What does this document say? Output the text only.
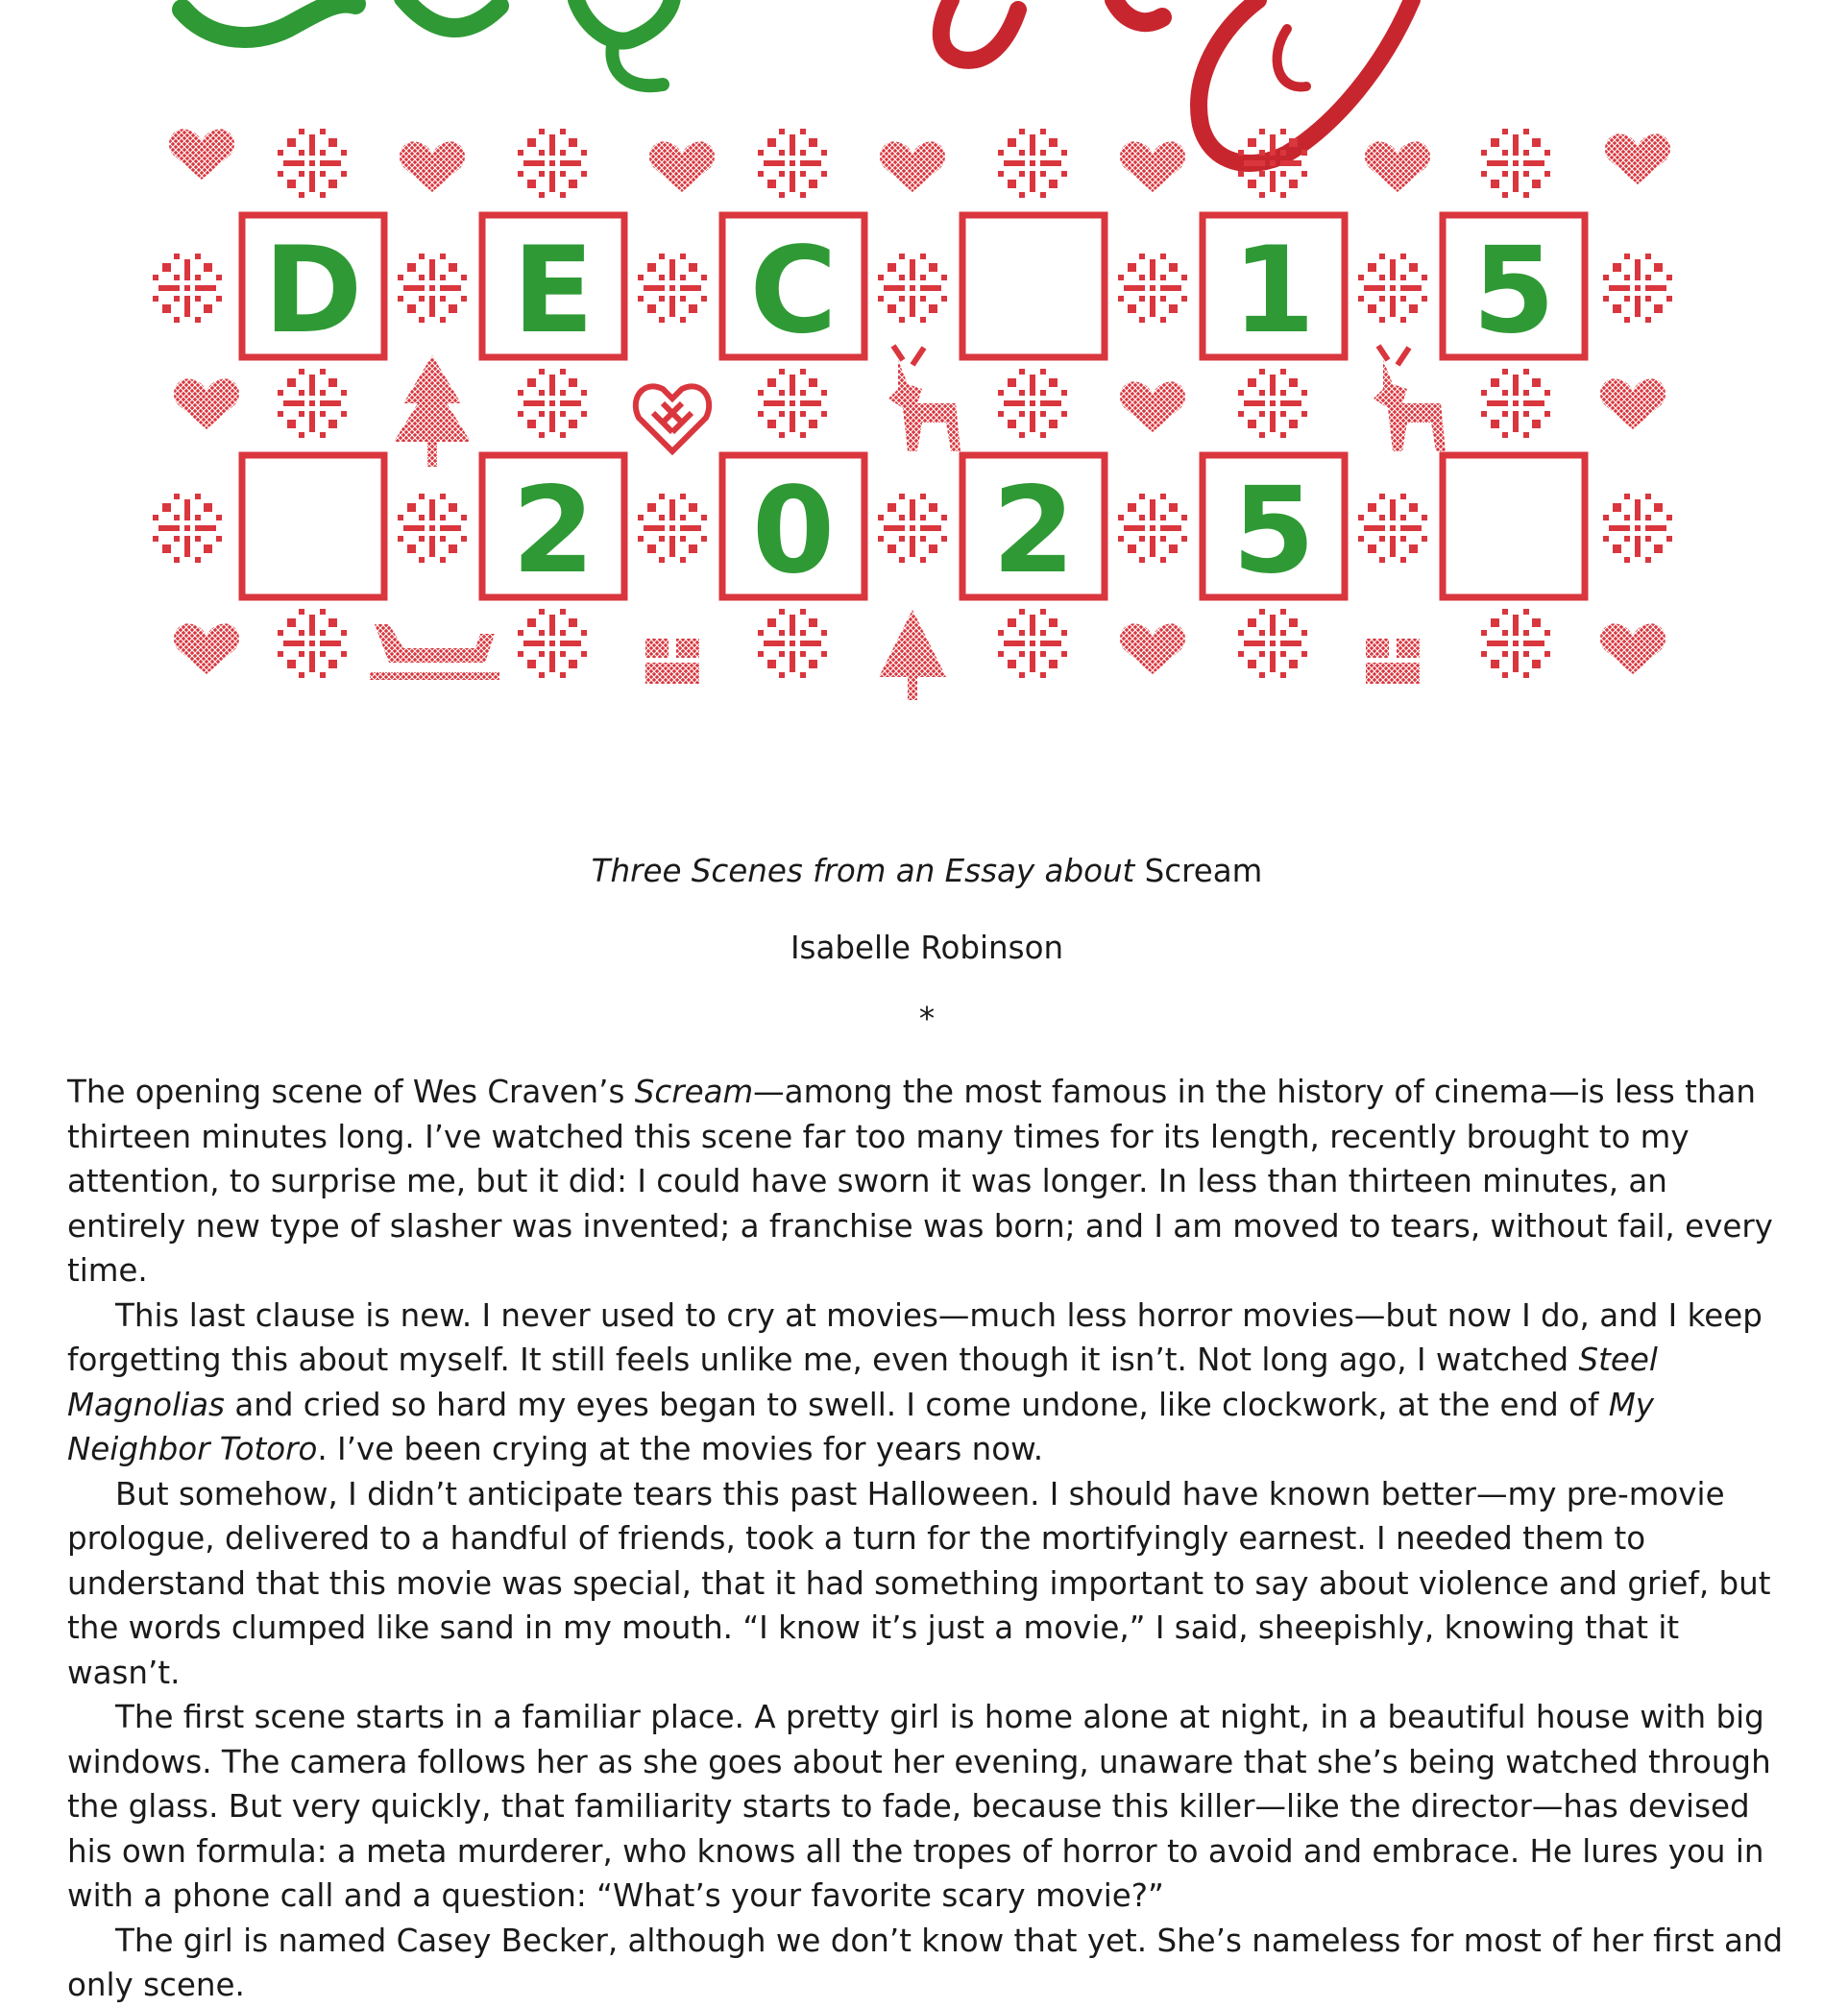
D E C	1 5
2 0 2 5

Three Scenes from an Essay about Scream

Isabelle Robinson

*

The opening scene of Wes Craven’s Scream—among the most famous in the history of cinema—is less than thirteen minutes long. I’ve watched this scene far too many times for its length, recently brought to my attention, to surprise me, but it did: I could have sworn it was longer. In less than thirteen minutes, an entirely new type of slasher was invented; a franchise was born; and I am moved to tears, without fail, every time.

This last clause is new. I never used to cry at movies—much less horror movies—but now I do, and I keep forgetting this about myself. It still feels unlike me, even though it isn’t. Not long ago, I watched Steel Magnolias and cried so hard my eyes began to swell. I come undone, like clockwork, at the end of My Neighbor Totoro. I’ve been crying at the movies for years now.

But somehow, I didn’t anticipate tears this past Halloween. I should have known better—my pre-movie prologue, delivered to a handful of friends, took a turn for the mortifyingly earnest. I needed them to understand that this movie was special, that it had something important to say about violence and grief, but the words clumped like sand in my mouth. “I know it’s just a movie,” I said, sheepishly, knowing that it wasn’t.

The first scene starts in a familiar place. A pretty girl is home alone at night, in a beautiful house with big windows. The camera follows her as she goes about her evening, unaware that she’s being watched through the glass. But very quickly, that familiarity starts to fade, because this killer—like the director—has devised his own formula: a meta murderer, who knows all the tropes of horror to avoid and embrace. He lures you in with a phone call and a question: “What’s your favorite scary movie?”

The girl is named Casey Becker, although we don’t know that yet. She’s nameless for most of her first and only scene.
